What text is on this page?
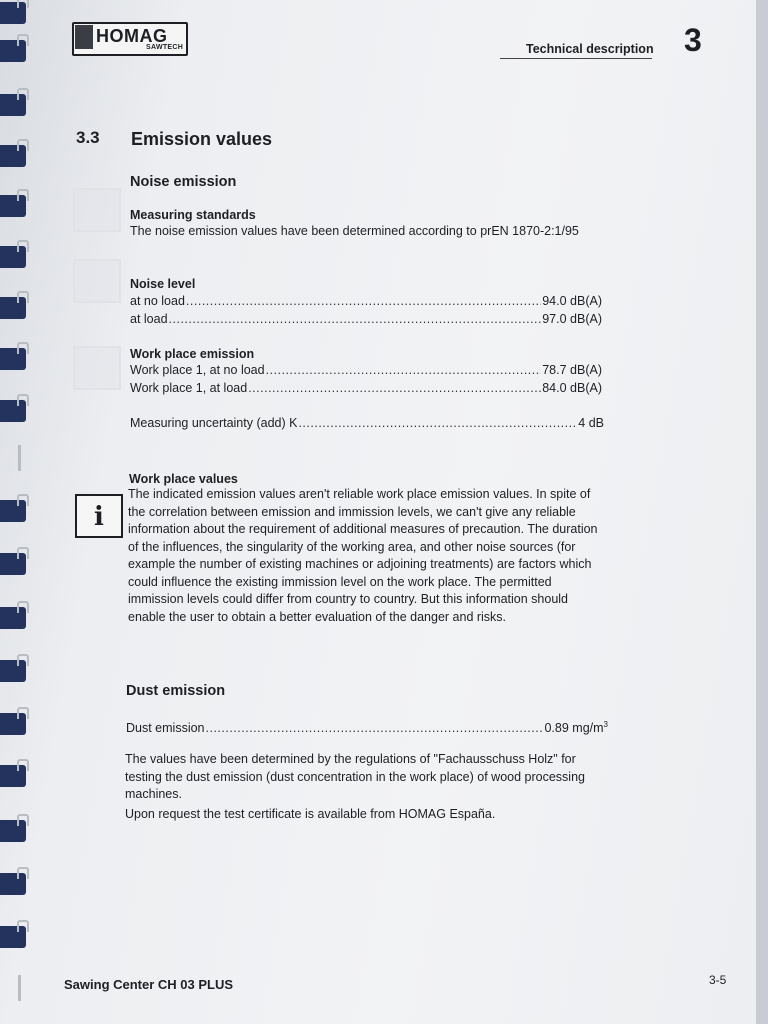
HOMAG
SAWTECH	Technical description 3
3.3 Emission values
Noise emission
Measuring standards
The noise emission values have been determined according to prEN 1870-2:1/95
Noise level
at no load .....	94.0 dB(A)
at load .....	97.0 dB(A)
Work place emission
Work place 1, at no load .....	78.7 dB(A)
Work place 1, at load .....	84.0 dB(A)
Measuring uncertainty (add) K .....	4 dB
Work place values
i
The indicated emission values aren't reliable work place emission values. In spite of the correlation between emission and immission levels, we can't give any reliable information about the requirement of additional measures of precaution. The duration of the influences, the singularity of the working area, and other noise sources (for example the number of existing machines or adjoining treatments) are factors which could influence the existing immission level on the work place. The permitted immission levels could differ from country to country. But this information should enable the user to obtain a better evaluation of the danger and risks.
Dust emission
Dust emission .....	0.89 $mg/m^3$
The values have been determined by the regulations of "Fachausschuss Holz" for testing the dust emission (dust concentration in the work place) of wood processing machines.
Upon request the test certificate is available from HOMAG España.
Sawing Center CH 03 PLUS	3-5
